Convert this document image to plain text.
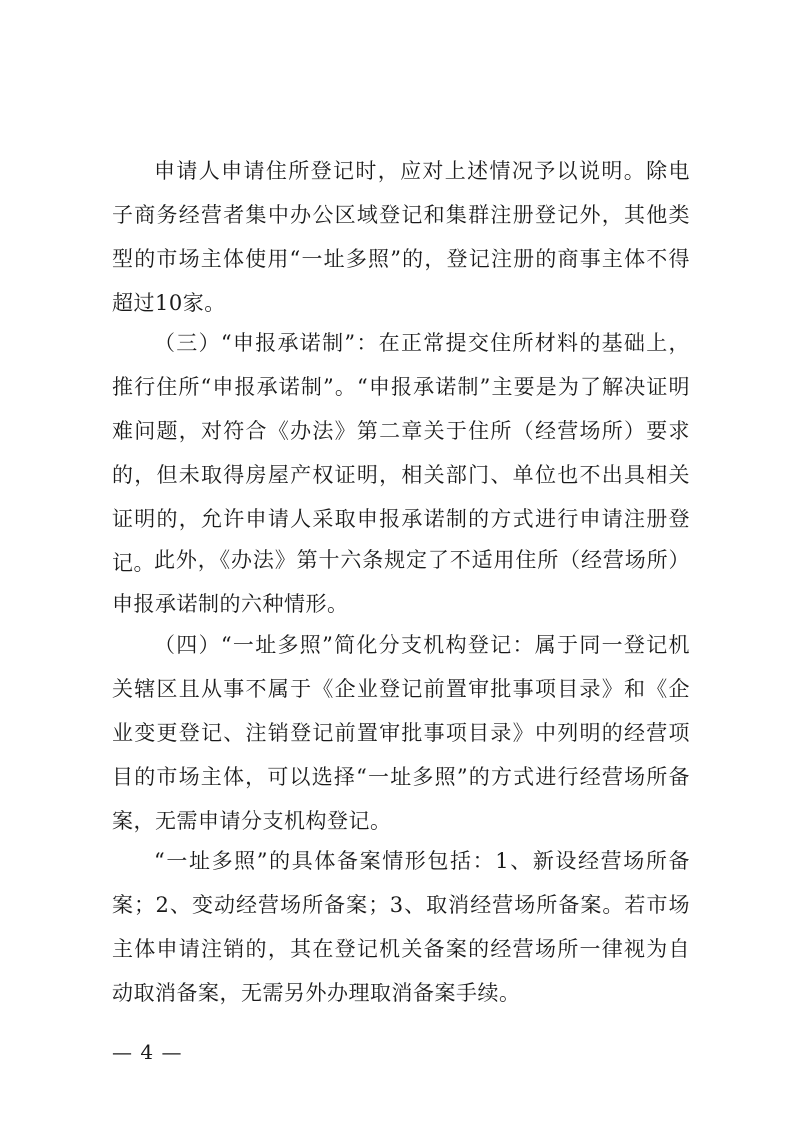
申请人申请住所登记时，应对上述情况予以说明。除电子商务经营者集中办公区域登记和集群注册登记外，其他类型的市场主体使用“一址多照”的，登记注册的商事主体不得超过10家。

（三）“申报承诺制”：在正常提交住所材料的基础上，推行住所“申报承诺制”。“申报承诺制”主要是为了解决证明难问题，对符合《办法》第二章关于住所（经营场所）要求的，但未取得房屋产权证明，相关部门、单位也不出具相关证明的，允许申请人采取申报承诺制的方式进行申请注册登记。 此外，《办法》第十六条规定了不适用住所（经营场所）申报承诺制的六种情形。

（四）“一址多照”简化分支机构登记：属于同一登记机关辖区且从事不属于《企业登记前置审批事项目录》和《企业变更登记、注销登记前置审批事项目录》中列明的经营项目的市场主体，可以选择“一址多照”的方式进行经营场所备案，无需申请分支机构登记。

“一址多照”的具体备案情形包括：1、新设经营场所备案；2、变动经营场所备案；3、取消经营场所备案。若市场主体申请注销的，其在登记机关备案的经营场所一律视为自动取消备案，无需另外办理取消备案手续。

— 4 —
